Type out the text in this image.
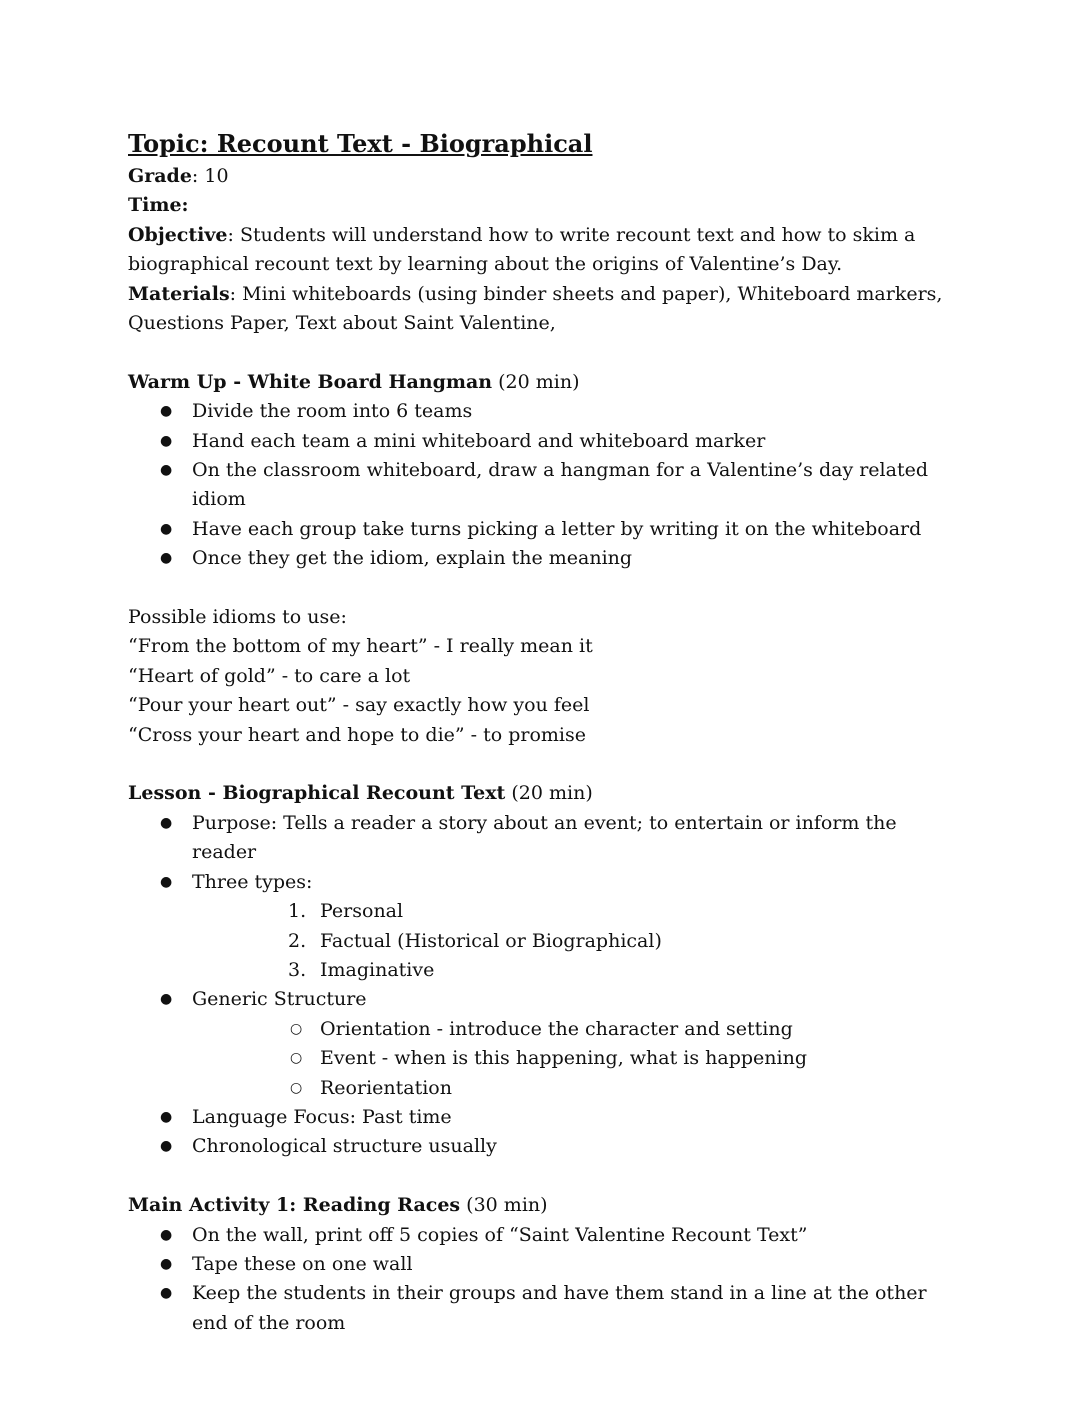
Topic: Recount Text - Biographical

Grade: 10

Time:

Objective: Students will understand how to write recount text and how to skim a biographical recount text by learning about the origins of Valentine’s Day.

Materials: Mini whiteboards (using binder sheets and paper), Whiteboard markers, Questions Paper, Text about Saint Valentine,

Warm Up - White Board Hangman (20 min)

● Divide the room into 6 teams
● Hand each team a mini whiteboard and whiteboard marker
● On the classroom whiteboard, draw a hangman for a Valentine’s day related idiom
● Have each group take turns picking a letter by writing it on the whiteboard
● Once they get the idiom, explain the meaning

Possible idioms to use:

“From the bottom of my heart” - I really mean it

“Heart of gold” - to care a lot

“Pour your heart out” - say exactly how you feel

“Cross your heart and hope to die” - to promise

Lesson - Biographical Recount Text (20 min)

● Purpose: Tells a reader a story about an event; to entertain or inform the reader
● Three types:
1. Personal
2. Factual (Historical or Biographical)
3. Imaginative
● Generic Structure
○ Orientation - introduce the character and setting
○ Event - when is this happening, what is happening
○ Reorientation
● Language Focus: Past time
● Chronological structure usually

Main Activity 1: Reading Races (30 min)

● On the wall, print off 5 copies of “Saint Valentine Recount Text”
● Tape these on one wall
● Keep the students in their groups and have them stand in a line at the other end of the room
